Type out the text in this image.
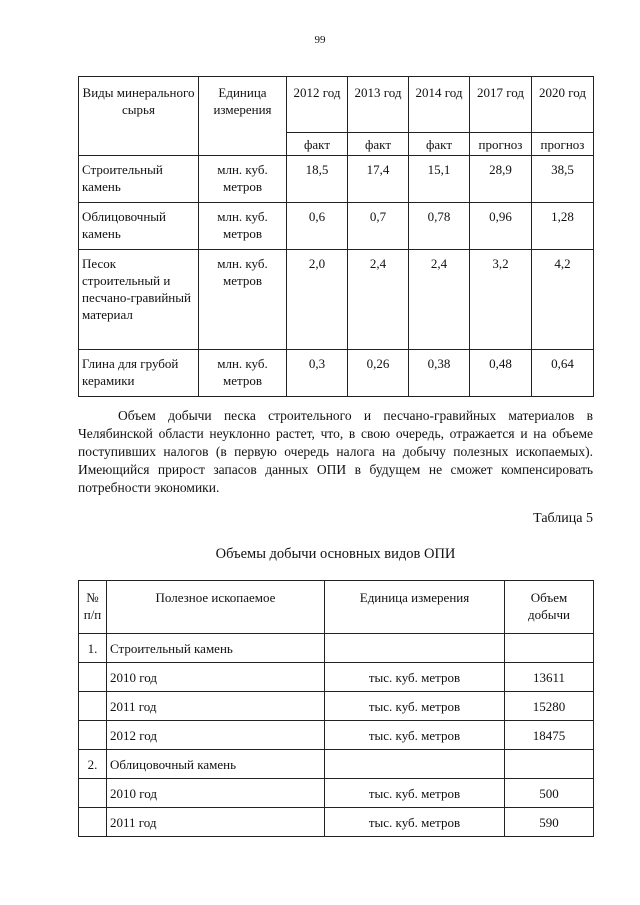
99
Виды минерального сырья	Единица измерения	2012 год	2013 год	2014 год	2017 год	2020 год
		факт	факт	факт	прогноз	прогноз
Строительный камень	млн. куб. метров	18,5	17,4	15,1	28,9	38,5
Облицовочный камень	млн. куб. метров	0,6	0,7	0,78	0,96	1,28
Песок строительный и песчано-гравийный материал	млн. куб. метров	2,0	2,4	2,4	3,2	4,2
Глина для грубой керамики	млн. куб. метров	0,3	0,26	0,38	0,48	0,64

Объем добычи песка строительного и песчано-гравийных материалов в Челябинской области неуклонно растет, что, в свою очередь, отражается и на объеме поступивших налогов (в первую очередь налога на добычу полезных ископаемых). Имеющийся прирост запасов данных ОПИ в будущем не сможет компенсировать потребности экономики.

Таблица 5
Объемы добычи основных видов ОПИ
№ п/п	Полезное ископаемое	Единица измерения	Объем добычи
1.	Строительный камень		
	2010 год	тыс. куб. метров	13611
	2011 год	тыс. куб. метров	15280
	2012 год	тыс. куб. метров	18475
2.	Облицовочный камень		
	2010 год	тыс. куб. метров	500
	2011 год	тыс. куб. метров	590
